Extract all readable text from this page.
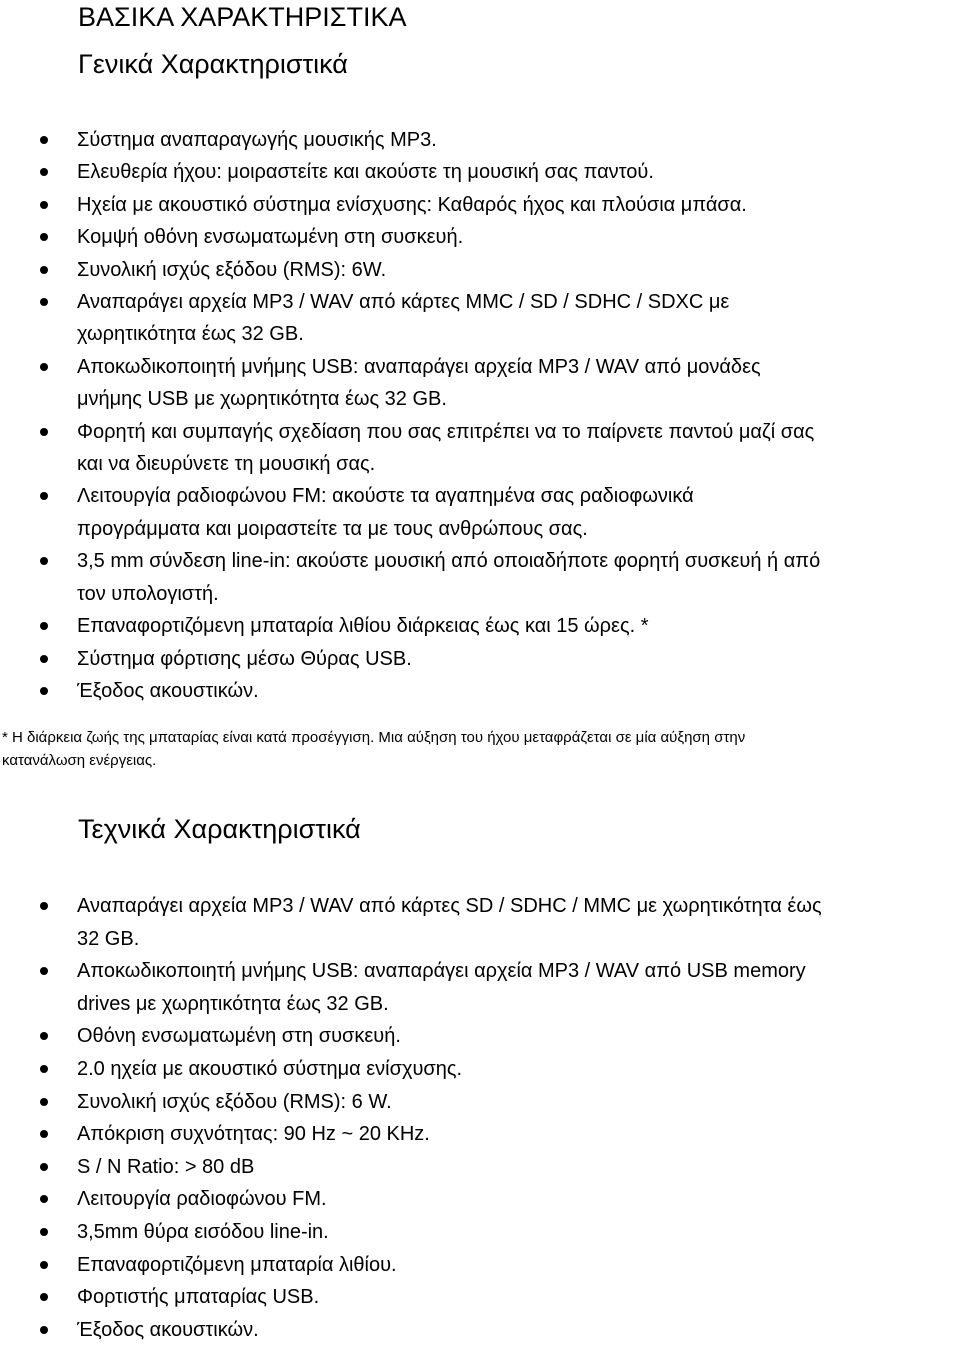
ΒΑΣΙΚΑ ΧΑΡΑΚΤΗΡΙΣΤΙΚΑ
Γενικά Χαρακτηριστικά
Σύστημα αναπαραγωγής μουσικής MP3.
Ελευθερία ήχου: μοιραστείτε και ακούστε τη μουσική σας παντού.
Ηχεία με ακουστικό σύστημα ενίσχυσης: Καθαρός ήχος και πλούσια μπάσα.
Κομψή οθόνη ενσωματωμένη στη συσκευή.
Συνολική ισχύς εξόδου (RMS): 6W.
Αναπαράγει αρχεία MP3 / WAV από κάρτες MMC / SD / SDHC / SDXC με
χωρητικότητα έως 32 GB.
Αποκωδικοποιητή μνήμης USB: αναπαράγει αρχεία MP3 / WAV από μονάδες
μνήμης USB με χωρητικότητα έως 32 GB.
Φορητή και συμπαγής σχεδίαση που σας επιτρέπει να το παίρνετε παντού μαζί σας
και να διευρύνετε τη μουσική σας.
Λειτουργία ραδιοφώνου FM: ακούστε τα αγαπημένα σας ραδιοφωνικά
προγράμματα και μοιραστείτε τα με τους ανθρώπους σας.
3,5 mm σύνδεση line-in: ακούστε μουσική από οποιαδήποτε φορητή συσκευή ή από
τον υπολογιστή.
Επαναφορτιζόμενη μπαταρία λιθίου διάρκειας έως και 15 ώρες. *
Σύστημα φόρτισης μέσω Θύρας USB.
Έξοδος ακουστικών.
* Η διάρκεια ζωής της μπαταρίας είναι κατά προσέγγιση. Μια αύξηση του ήχου μεταφράζεται σε μία αύξηση στην
κατανάλωση ενέργειας.
Τεχνικά Χαρακτηριστικά
Αναπαράγει αρχεία MP3 / WAV από κάρτες SD / SDHC / MMC με χωρητικότητα έως
32 GB.
Αποκωδικοποιητή μνήμης USB: αναπαράγει αρχεία MP3 / WAV από USB memory
drives με χωρητικότητα έως 32 GB.
Οθόνη ενσωματωμένη στη συσκευή.
2.0 ηχεία με ακουστικό σύστημα ενίσχυσης.
Συνολική ισχύς εξόδου (RMS): 6 W.
Απόκριση συχνότητας: 90 Hz ~ 20 KHz.
S / N Ratio: > 80 dB
Λειτουργία ραδιοφώνου FM.
3,5mm θύρα εισόδου line-in.
Επαναφορτιζόμενη μπαταρία λιθίου.
Φορτιστής μπαταρίας USB.
Έξοδος ακουστικών.
